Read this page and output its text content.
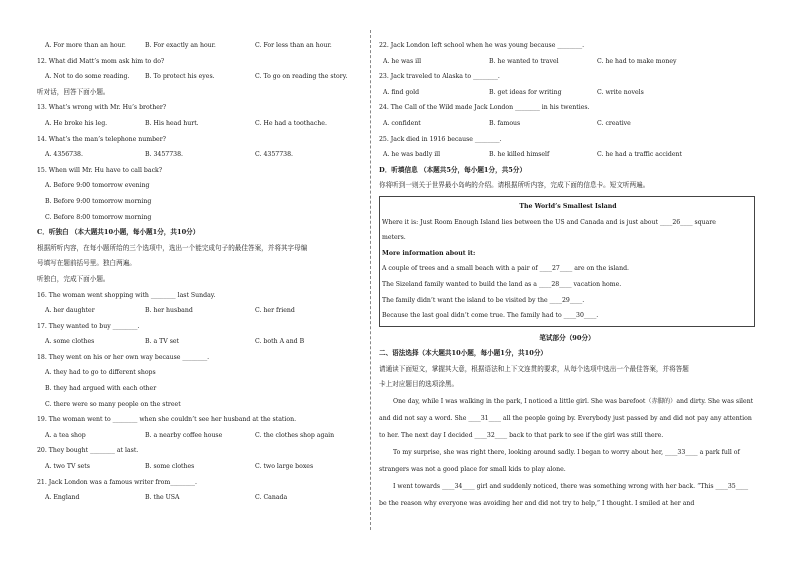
A. For more than an hour.	B. For exactly an hour.	C. For less than an hour.
12. What did Matt’s mom ask him to do?
A. Not to do some reading.	B. To protect his eyes.	C. To go on reading the story.
听对话，回答下面小题。
13. What’s wrong with Mr. Hu’s brother?
A. He broke his leg.	B. His head hurt.	C. He had a toothache.
14. What’s the man’s telephone number?
A. 4356738.	B. 3457738.	C. 4357738.
15. When will Mr. Hu have to call back?
A. Before 9:00 tomorrow evening
B. Before 9:00 tomorrow morning
C. Before 8:00 tomorrow morning
C．听独白 （本大题共10小题，每小题1分，共10分）
根据所听内容，在每小题所给的三个选项中，选出一个能完成句子的最佳答案，并将其字母编
号填写在题前括号里。独白两遍。
听独白，完成下面小题。
16. The woman went shopping with ________ last Sunday.
A. her daughter	B. her husband	C. her friend
17. They wanted to buy ________.
A. some clothes	B. a TV set	C. both A and B
18. They went on his or her own way because ________.
A. they had to go to different shops
B. they had argued with each other
C. there were so many people on the street
19. The woman went to ________ when she couldn’t see her husband at the station.
A. a tea shop	B. a nearby coffee house	C. the clothes shop again
20. They bought ________ at last.
A. two TV sets	B. some clothes	C. two large boxes
21. Jack London was a famous writer from________.
A. England	B. the USA	C. Canada
22. Jack London left school when he was young because ________.
A. he was ill	B. he wanted to travel	C. he had to make money
23. Jack traveled to Alaska to ________.
A. find gold	B. get ideas for writing	C. write novels
24. The Call of the Wild made Jack London ________ in his twenties.
A. confident	B. famous	C. creative
25. Jack died in 1916 because ________.
A. he was badly ill	B. he killed himself	C. he had a traffic accident
D．听填信息 （本题共5分，每小题1分，共5分）
你将听到一则关于世界最小岛屿的介绍。请根据所听内容，完成下面的信息卡。短文听两遍。
The World’s Smallest Island
Where it is: Just Room Enough Island lies between the US and Canada and is just about ____26____ square
meters.
More information about it:
A couple of trees and a small beach with a pair of ____27____ are on the island.
The Sizeland family wanted to build the land as a ____28____ vacation home.
The family didn’t want the island to be visited by the ____29____.
Because the last goal didn’t come true. The family had to ____30____.
笔试部分（90分）
二、语法选择（本大题共10小题，每小题1分，共10分）
请通读下面短文，掌握其大意，根据语法和上下文连贯的要求，从每个选项中选出一个最佳答案，并将答题
卡上对应题目的选项涂黑。
One day, while I was walking in the park, I noticed a little girl. She was barefoot（赤脚的）and dirty. She was silent and did not say a word. She ____31____ all the people going by. Everybody just passed by and did not pay any attention to her. The next day I decided ____32____ back to that park to see if the girl was still there.
To my surprise, she was right there, looking around sadly. I began to worry about her, ____33____ a park full of strangers was not a good place for small kids to play alone.
I went towards ____34____ girl and suddenly noticed, there was something wrong with her back. “This ____35____ be the reason why everyone was avoiding her and did not try to help,” I thought. I smiled at her and
